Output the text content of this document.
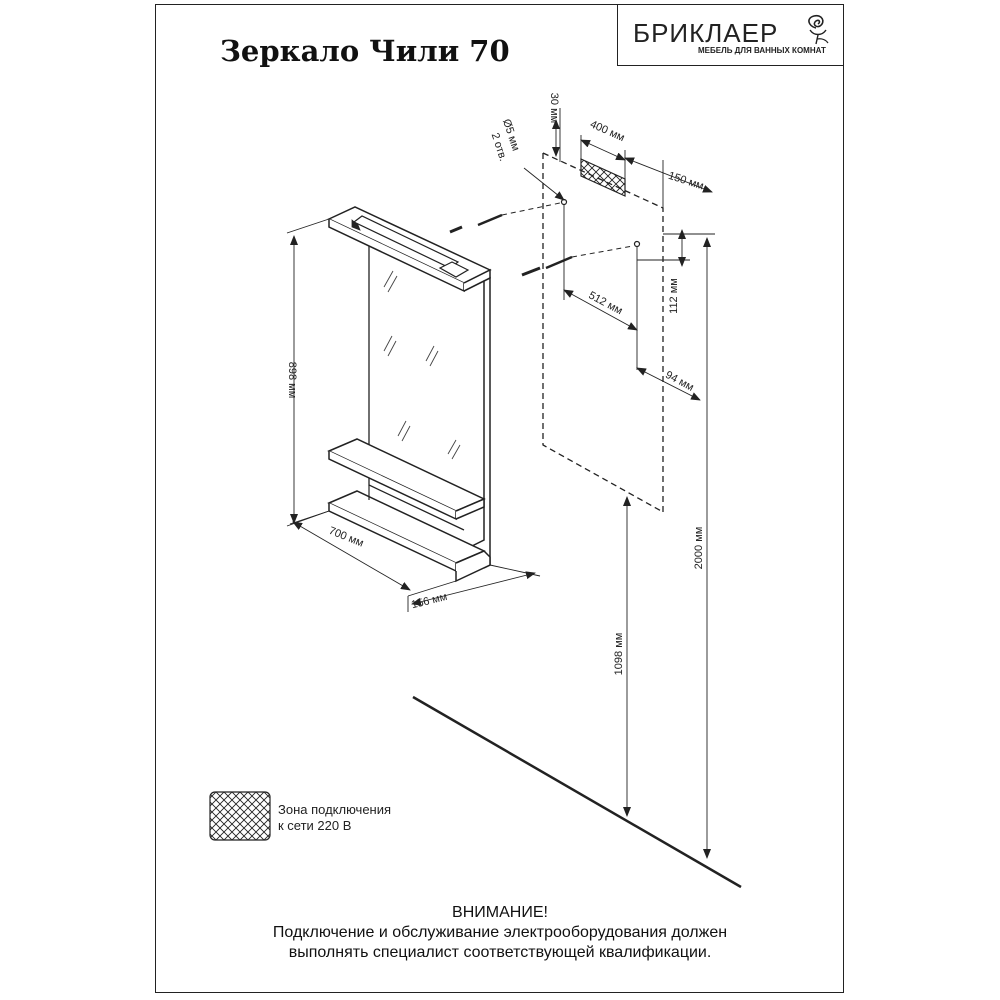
Зеркало Чили 70
БРИКЛАЕР
МЕБЕЛЬ ДЛЯ ВАННЫХ КОМНАТ
898 мм
700 мм
156 мм
Ø5 мм
2 отв.
30 мм
400 мм
150 мм
512 мм	112 мм
94 мм
2000 мм
1098 мм
Зона подключения
к сети 220 В
ВНИМАНИЕ!
Подключение и обслуживание электрооборудования должен
выполнять специалист соответствующей квалификации.
